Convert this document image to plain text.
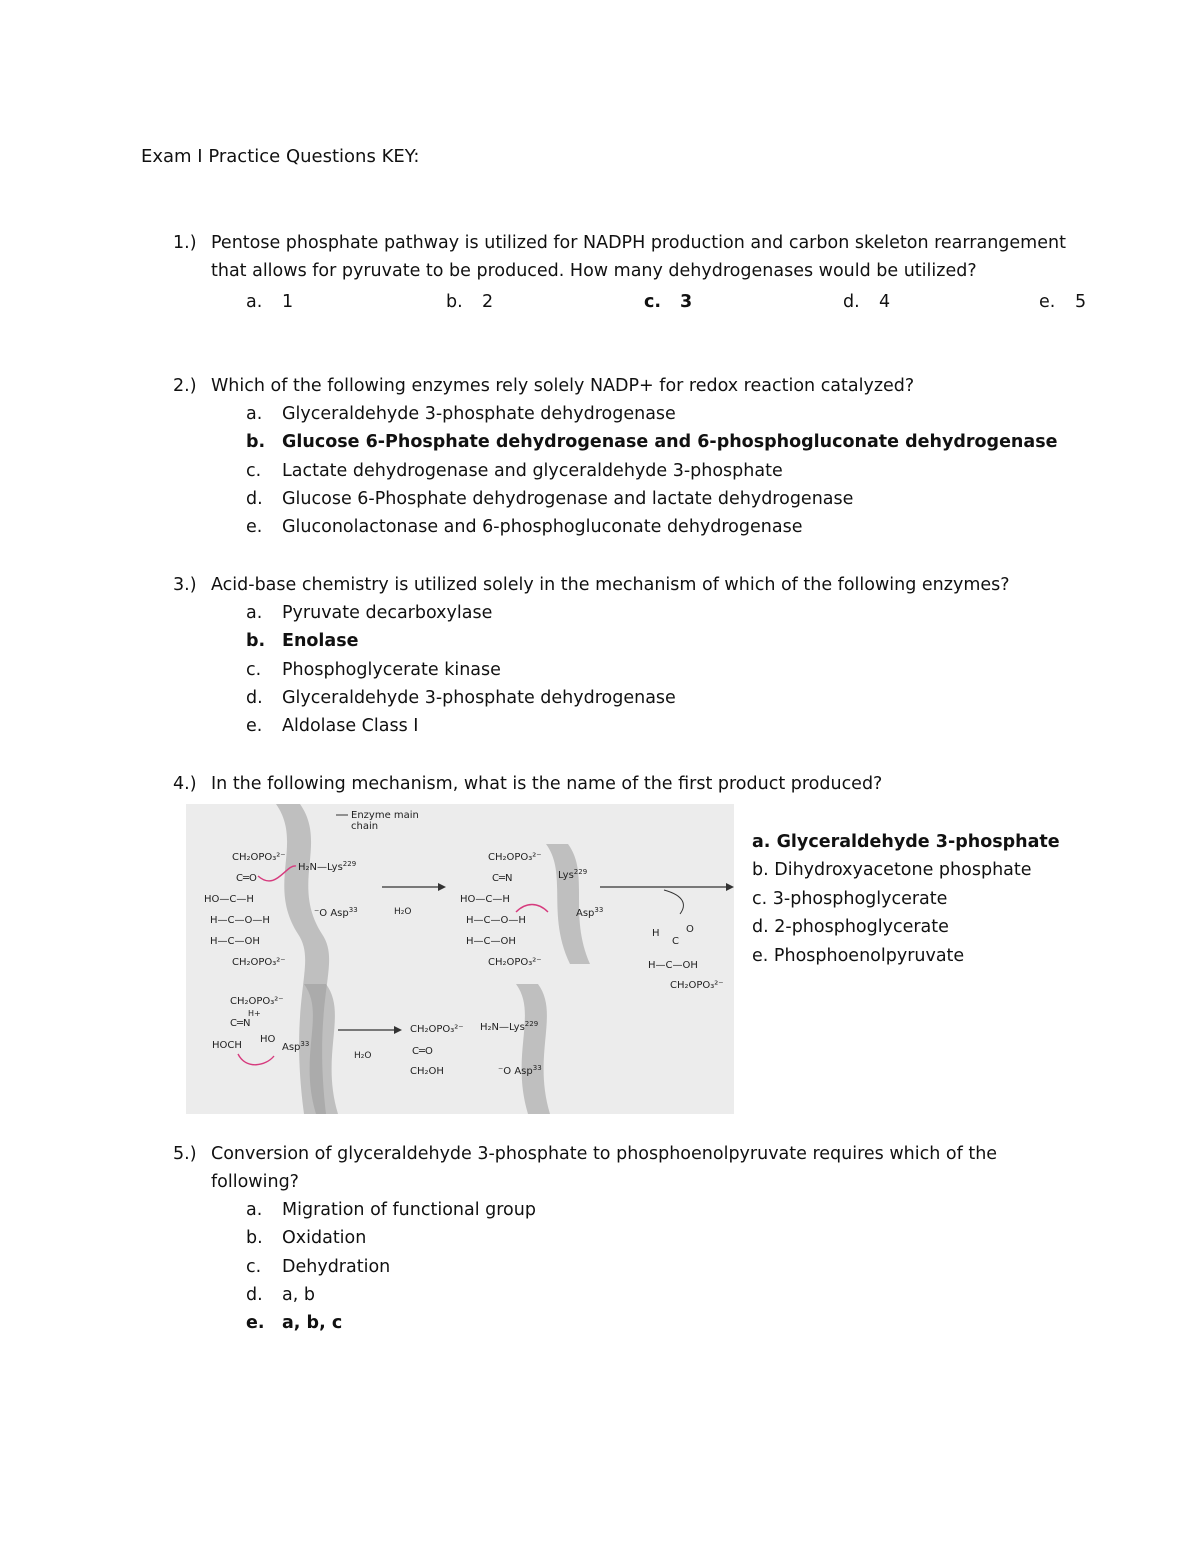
Exam I Practice Questions KEY:
1.) Pentose phosphate pathway is utilized for NADPH production and carbon skeleton rearrangement that allows for pyruvate to be produced. How many dehydrogenases would be utilized?
a.	1	b.	2	c.	3	d.	4	e.	5
2.) Which of the following enzymes rely solely NADP+ for redox reaction catalyzed?
a.	Glyceraldehyde 3-phosphate dehydrogenase
b. Glucose 6-Phosphate dehydrogenase and 6-phosphogluconate dehydrogenase
c.	Lactate dehydrogenase and glyceraldehyde 3-phosphate
d.	Glucose 6-Phosphate dehydrogenase and lactate dehydrogenase
e.	Gluconolactonase and 6-phosphogluconate dehydrogenase
3.) Acid-base chemistry is utilized solely in the mechanism of which of the following enzymes?
a.	Pyruvate decarboxylase
b. Enolase
c.	Phosphoglycerate kinase
d.	Glyceraldehyde 3-phosphate dehydrogenase
e.	Aldolase Class I
4.) In the following mechanism, what is the name of the first product produced?
Enzyme main
chain
CH₂OPO₃²⁻
C═O
HO—C—H
H—C—O—H
H—C—OH
CH₂OPO₃²⁻
H₂N—Lys$^{229}$
⁻O Asp$^{33}$	H₂O
CH₂OPO₃²⁻
C═N	Lys$^{229}$
HO—C—H
H—C—O—H
H—C—OH
CH₂OPO₃²⁻
Asp$^{33}$
H
C
O
H—C—OH
CH₂OPO₃²⁻
CH₂OPO₃²⁻
H+
C═N
HOCH
HO
Asp$^{33}$
H₂O
CH₂OPO₃²⁻
C═O
CH₂OH
H₂N—Lys$^{229}$
⁻O Asp$^{33}$
a. Glyceraldehyde 3-phosphate
b. Dihydroxyacetone phosphate
c. 3-phosphoglycerate
d. 2-phosphoglycerate
e. Phosphoenolpyruvate
5.) Conversion of glyceraldehyde 3-phosphate to phosphoenolpyruvate requires which of the following?
a.	Migration of functional group
b.	Oxidation
c.	Dehydration
d.	a, b
e. a, b, c
